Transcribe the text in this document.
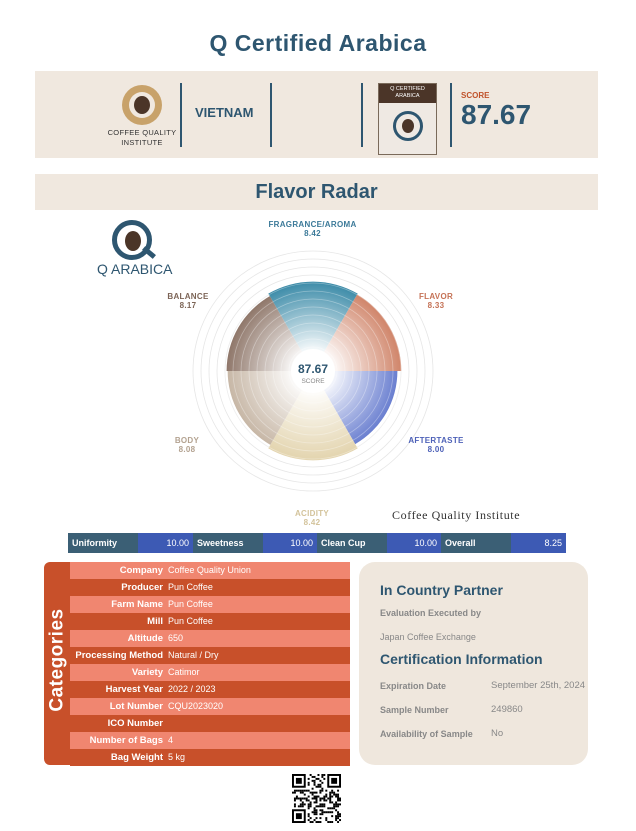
Q Certified Arabica
COFFEE QUALITY
INSTITUTE
VIETNAM
Q CERTIFIED
ARABICA	SCORE
87.67
Flavor Radar
Q ARABICA
87.67
SCORE
FRAGRANCE/AROMA
8.42
FLAVOR
8.33
AFTERTASTE
8.00
ACIDITY
8.42
BODY
8.08
BALANCE
8.17
Coffee Quality Institute
Uniformity	10.00 Sweetness	10.00 Clean Cup	10.00 Overall	8.25
Categories
Company Coffee Quality Union
Producer Pun Coffee
Farm Name Pun Coffee
Mill Pun Coffee
Altitude 650
Processing Method Natural / Dry
Variety Catimor
Harvest Year 2022 / 2023
Lot Number CQU2023020
ICO Number
Number of Bags 4
Bag Weight 5 kg
In Country Partner
Evaluation Executed by
Japan Coffee Exchange
Certification Information
Expiration Date	September 25th, 2024
Sample Number	249860
Availability of Sample No
